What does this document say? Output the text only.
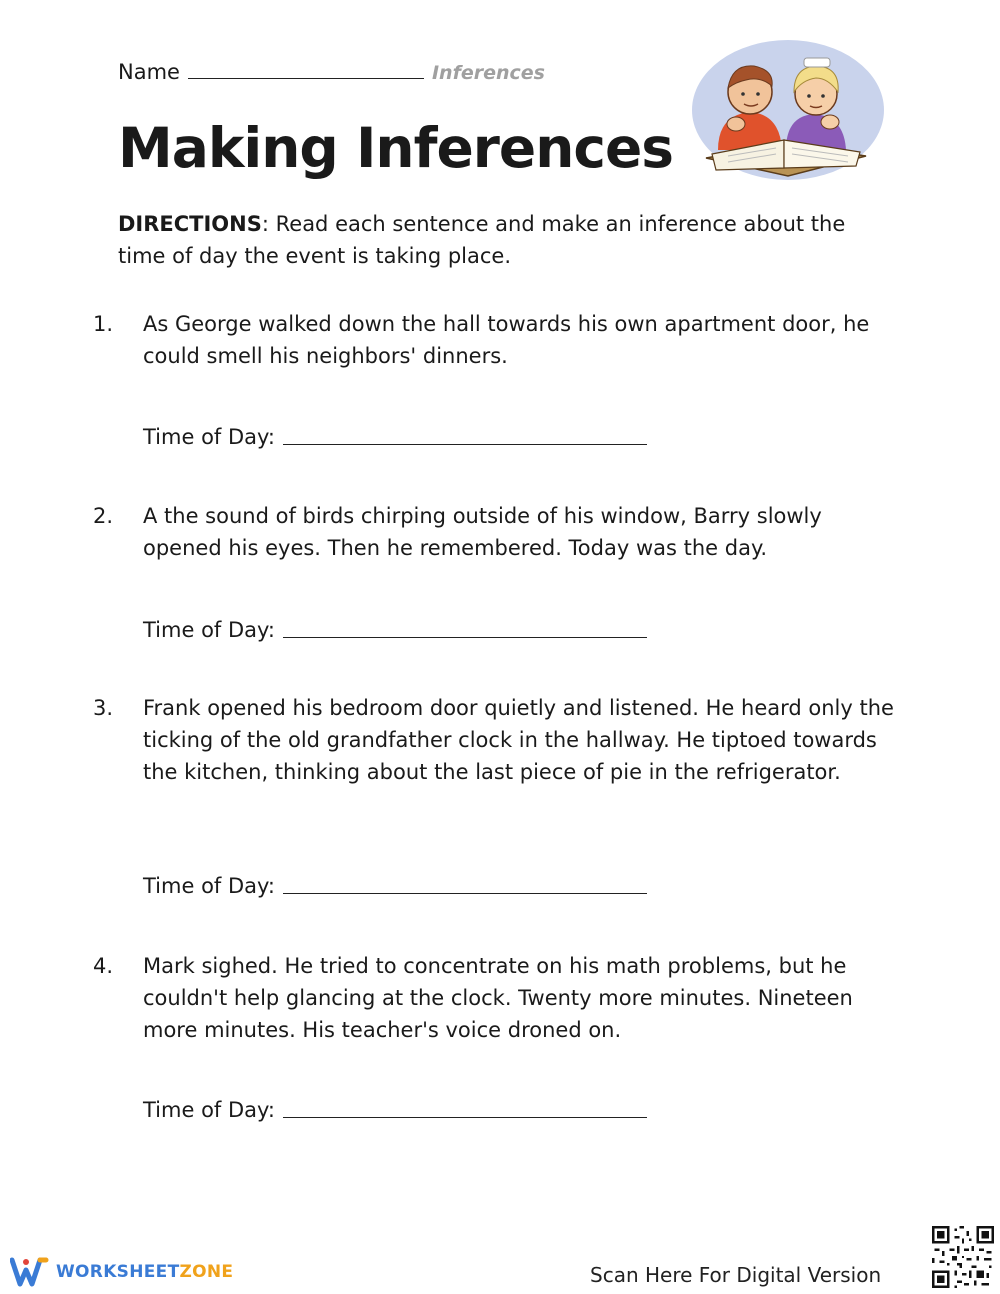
Name	Inferences
Making Inferences
DIRECTIONS: Read each sentence and make an inference about the time of day the event is taking place.
1. As George walked down the hall towards his own apartment door, he could smell his neighbors' dinners.
Time of Day:
2. A the sound of birds chirping outside of his window, Barry slowly opened his eyes. Then he remembered. Today was the day.
Time of Day:
3. Frank opened his bedroom door quietly and listened. He heard only the ticking of the old grandfather clock in the hallway. He tiptoed towards the kitchen, thinking about the last piece of pie in the refrigerator.
Time of Day:
4. Mark sighed. He tried to concentrate on his math problems, but he couldn't help glancing at the clock. Twenty more minutes. Nineteen more minutes. His teacher's voice droned on.
Time of Day:
WORKSHEETZONE	Scan Here For Digital Version
